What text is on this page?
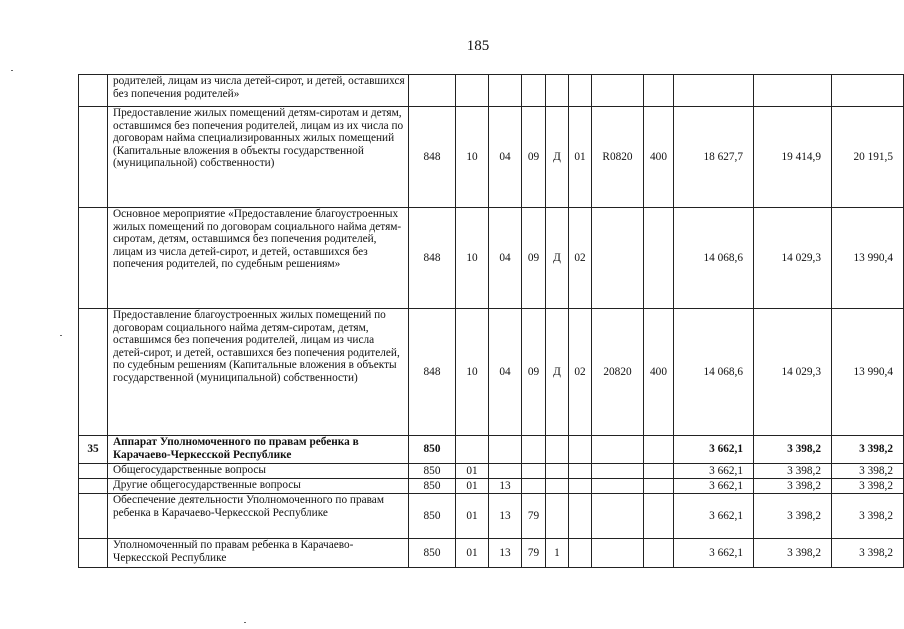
185
	родителей, лицам из числа детей-сирот, и детей, оставшихся без попечения родителей»											
	Предоставление жилых помещений детям-сиротам и детям, оставшимся без попечения родителей, лицам из их числа по договорам найма специализированных жилых помещений (Капитальные вложения в объекты государственной (муниципальной) собственности)	848	10	04	09	Д	01	R0820	400	18 627,7	19 414,9	20 191,5
	Основное мероприятие «Предоставление благоустроенных жилых помещений по договорам социального найма детям-сиротам, детям, оставшимся без попечения родителей, лицам из числа детей-сирот, и детей, оставшихся без попечения родителей, по судебным решениям»	848	10	04	09	Д	02			14 068,6	14 029,3	13 990,4
	Предоставление благоустроенных жилых помещений по договорам социального найма детям-сиротам, детям, оставшимся без попечения родителей, лицам из числа детей-сирот, и детей, оставшихся без попечения родителей, по судебным решениям (Капитальные вложения в объекты государственной (муниципальной) собственности)	848	10	04	09	Д	02	20820	400	14 068,6	14 029,3	13 990,4
35	Аппарат Уполномоченного по правам ребенка в Карачаево-Черкесской Республике	850								3 662,1	3 398,2	3 398,2
	Общегосударственные вопросы	850	01							3 662,1	3 398,2	3 398,2
	Другие общегосударственные вопросы	850	01	13						3 662,1	3 398,2	3 398,2
	Обеспечение деятельности Уполномоченного по правам ребенка в Карачаево-Черкесской Республике	850	01	13	79					3 662,1	3 398,2	3 398,2
	Уполномоченный по правам ребенка в Карачаево-Черкесской Республике	850	01	13	79	1				3 662,1	3 398,2	3 398,2
